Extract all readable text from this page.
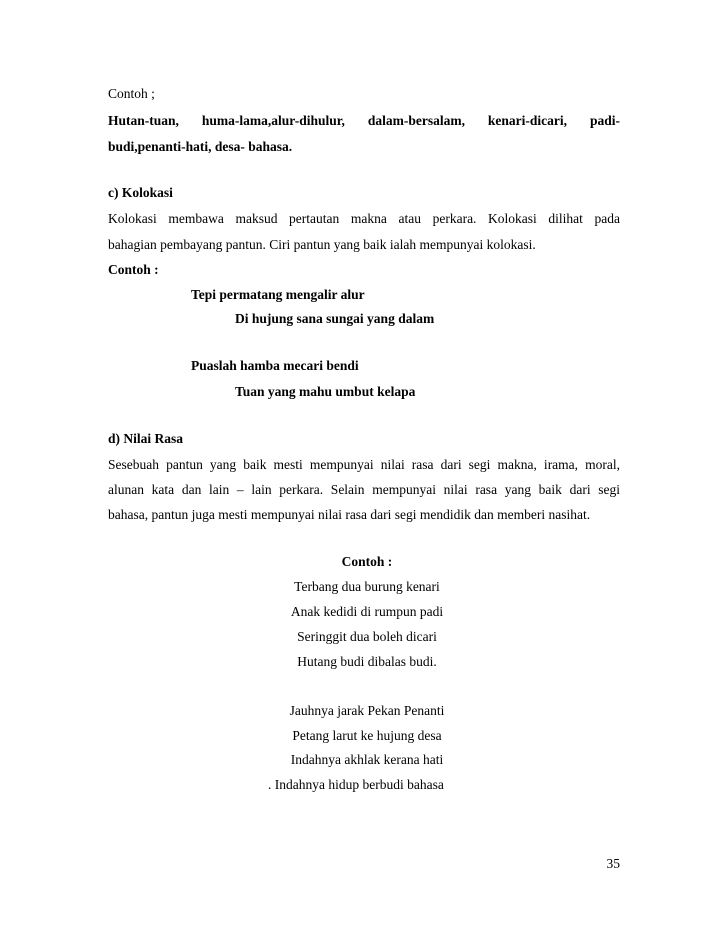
Contoh ;
Hutan-tuan, huma-lama,alur-dihulur, dalam-bersalam, kenari-dicari, padi-
budi,penanti-hati, desa- bahasa.
c) Kolokasi
Kolokasi membawa maksud pertautan makna atau perkara. Kolokasi dilihat pada
bahagian pembayang pantun. Ciri pantun yang baik ialah mempunyai kolokasi.
Contoh :
Tepi permatang mengalir alur
Di hujung sana sungai yang dalam
Puaslah hamba mecari bendi
Tuan yang mahu umbut kelapa
d) Nilai Rasa
Sesebuah pantun yang baik mesti mempunyai nilai rasa dari segi makna, irama, moral,
alunan kata dan lain – lain perkara. Selain mempunyai nilai rasa yang baik dari segi
bahasa, pantun juga mesti mempunyai nilai rasa dari segi mendidik dan memberi nasihat.
Contoh :
Terbang dua burung kenari
Anak kedidi di rumpun padi
Seringgit dua boleh dicari
Hutang budi dibalas budi.
Jauhnya jarak Pekan Penanti
Petang larut ke hujung desa
Indahnya akhlak kerana hati
. Indahnya hidup berbudi bahasa
35
